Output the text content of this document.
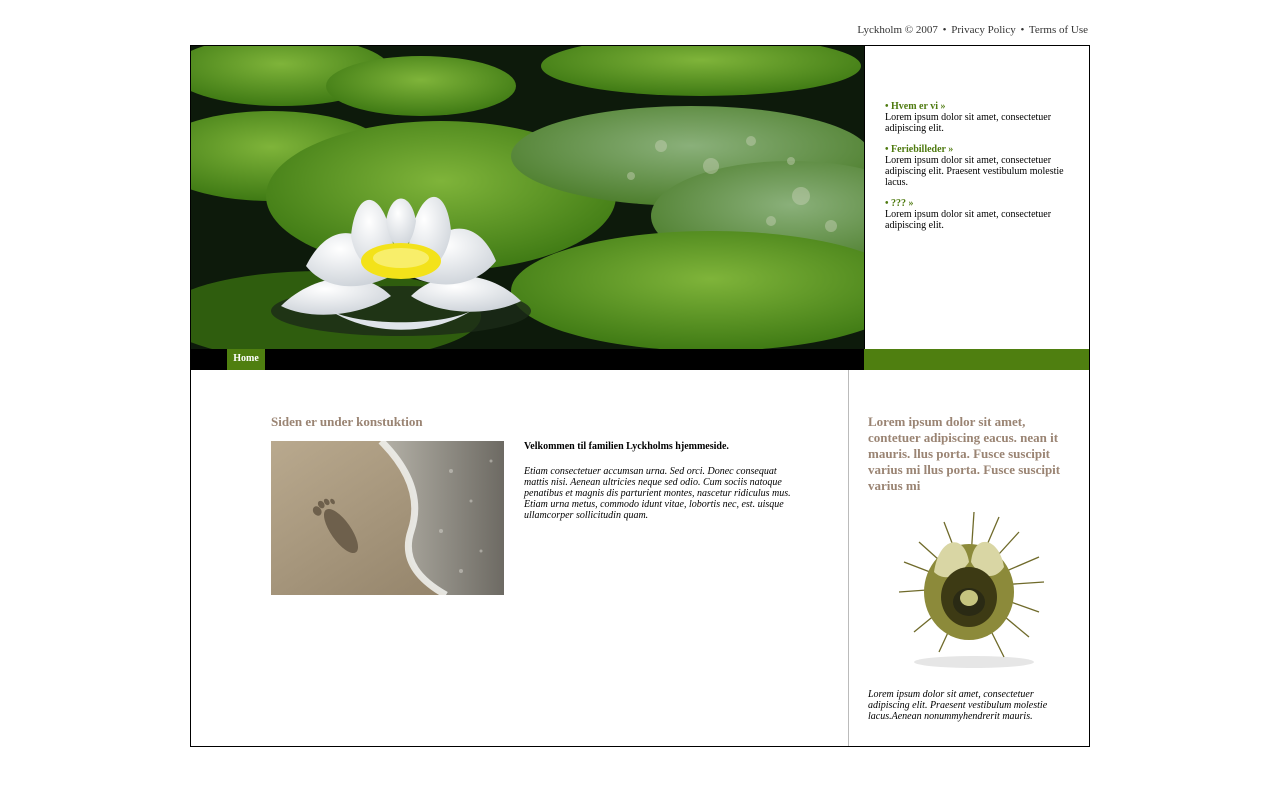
Lyckholm © 2007 • Privacy Policy • Terms of Use
• Hvem er vi »
Lorem ipsum dolor sit amet, consectetuer adipiscing elit.
• Feriebilleder »
Lorem ipsum dolor sit amet, consectetuer adipiscing elit. Praesent vestibulum molestie lacus.
• ??? »
Lorem ipsum dolor sit amet, consectetuer adipiscing elit.
Home
Siden er under konstuktion
Velkommen til familien Lyckholms hjemmeside.
Etiam consectetuer accumsan urna. Sed orci. Donec consequat mattis nisi. Aenean ultricies neque sed odio. Cum sociis natoque penatibus et magnis dis parturient montes, nascetur ridiculus mus. Etiam urna metus, commodo idunt vitae, lobortis nec, est. uisque ullamcorper sollicitudin quam.
Lorem ipsum dolor sit amet, contetuer adipiscing eacus. nean it mauris. llus porta. Fusce suscipit varius mi llus porta. Fusce suscipit varius mi
Lorem ipsum dolor sit amet, consectetuer adipiscing elit. Praesent vestibulum molestie lacus.Aenean nonummyhendrerit mauris.
